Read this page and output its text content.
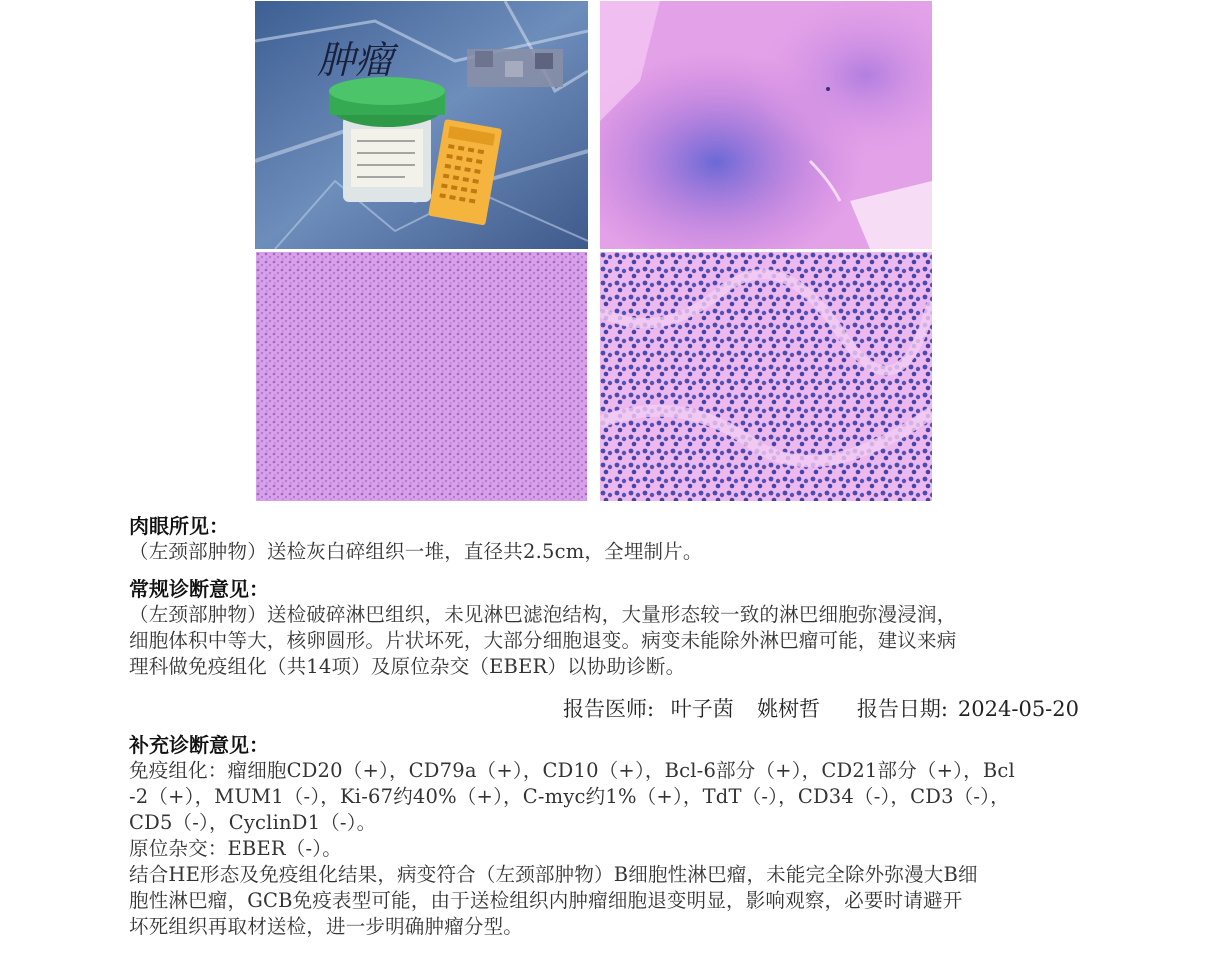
肿瘤
肉眼所见：

（左颈部肿物）送检灰白碎组织一堆，直径共2.5cm，全埋制片。

常规诊断意见：

（左颈部肿物）送检破碎淋巴组织，未见淋巴滤泡结构，大量形态较一致的淋巴细胞弥漫浸润，

细胞体积中等大，核卵圆形。片状坏死，大部分细胞退变。病变未能除外淋巴瘤可能，建议来病

理科做免疫组化（共14项）及原位杂交（EBER）以协助诊断。

报告医师: 叶子茵 姚树哲 报告日期: 2024-05-20
补充诊断意见：

免疫组化：瘤细胞CD20（+），CD79a（+），CD10（+），Bcl-6部分（+），CD21部分（+），Bcl

-2（+），MUM1（-），Ki-67约40%（+），C-myc约1%（+），TdT（-），CD34（-），CD3（-），

CD5（-），CyclinD1（-）。

原位杂交：EBER（-）。

结合HE形态及免疫组化结果，病变符合（左颈部肿物）B细胞性淋巴瘤，未能完全除外弥漫大B细

胞性淋巴瘤，GCB免疫表型可能，由于送检组织内肿瘤细胞退变明显，影响观察，必要时请避开

坏死组织再取材送检，进一步明确肿瘤分型。
